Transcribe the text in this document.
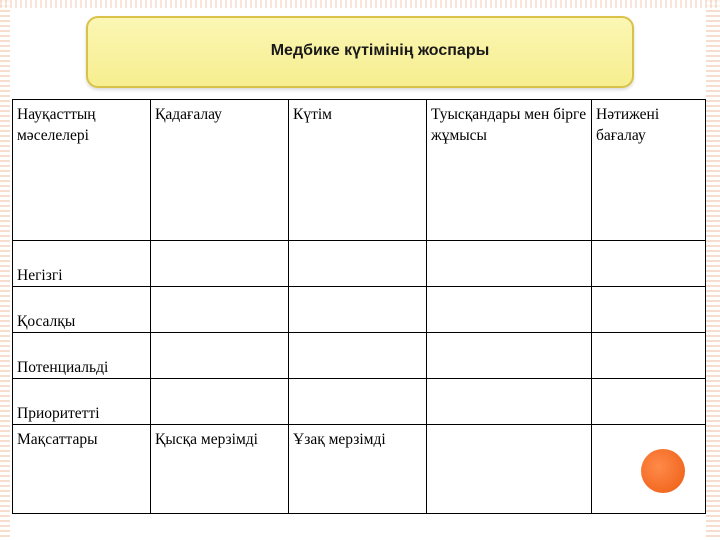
Медбике күтімінің жоспары
Науқасттың мәселелері	Қадағалау	Күтім	Туысқандары мен бірге жұмысы	Нәтижені бағалау
Негізгі				
Қосалқы				
Потенциальді				
Приоритетті				
Мақсаттары	Қысқа мерзімді	Ұзақ мерзімді		
